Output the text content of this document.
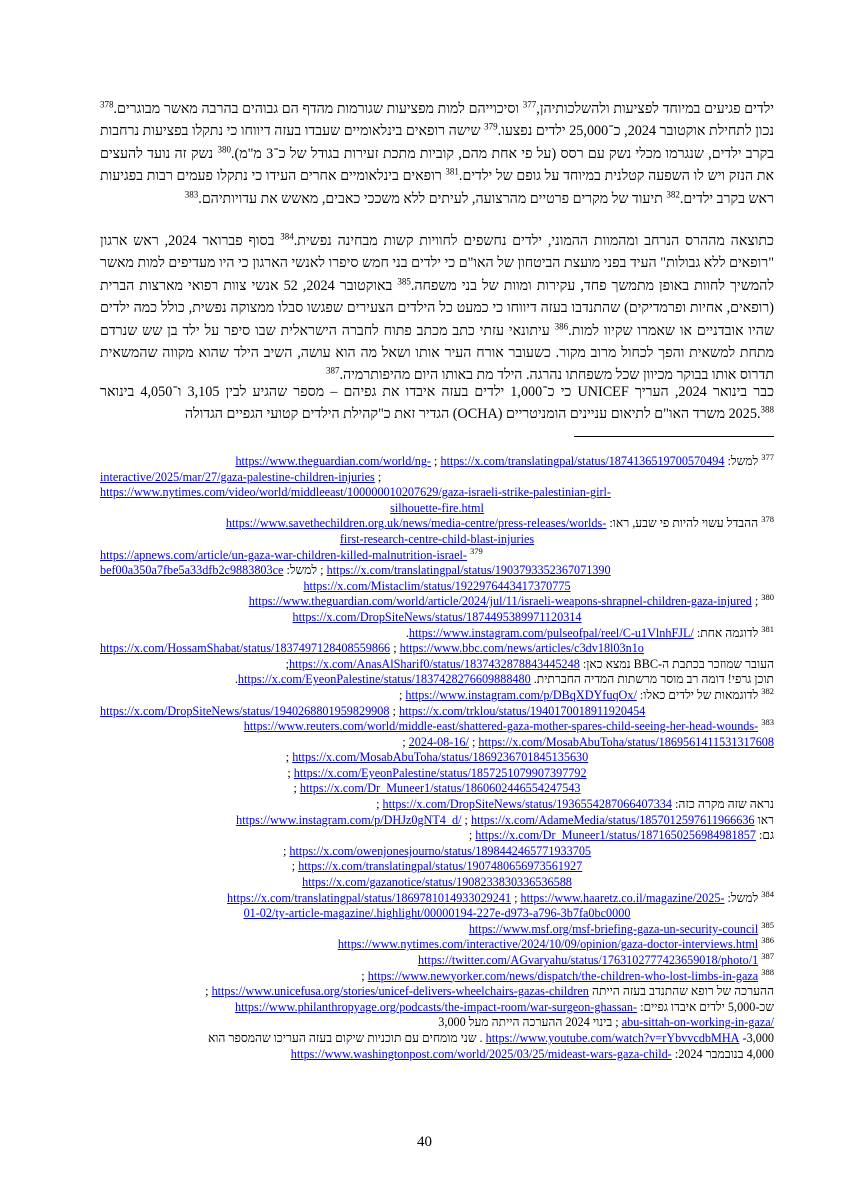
ילדים פגיעים במיוחד לפציעות ולהשלכותיהן,$^{377}$ וסיכוייהם למות מפציעות שגורמות מהדף הם גבוהים בהרבה מאשר מבוגרים.$^{378}$ נכון לתחילת אוקטובר 2024, כ־25,000 ילדים נפצעו.$^{379}$ שישה רופאים בינלאומיים שעבדו בעזה דיווחו כי נתקלו בפציעות נרחבות בקרב ילדים, שנגרמו מכלי נשק עם רסס (על פי אחת מהם, קוביות מתכת זעירות בגודל של כ־3 מ"מ).$^{380}$ נשק זה נועד להעצים את הנזק ויש לו השפעה קטלנית במיוחד על גופם של ילדים.$^{381}$ רופאים בינלאומיים אחרים העידו כי נתקלו פעמים רבות בפגיעות ראש בקרב ילדים.$^{382}$ תיעוד של מקרים פרטיים מהרצועה, לעיתים ללא משככי כאבים, מאשש את עדויותיהם.$^{383}$

כתוצאה מההרס הנרחב ומהמוות ההמוני, ילדים נחשפים לחוויות קשות מבחינה נפשית.$^{384}$ בסוף פברואר 2024, ראש ארגון "רופאים ללא גבולות" העיד בפני מועצת הביטחון של האו"ם כי ילדים בני חמש סיפרו לאנשי הארגון כי היו מעדיפים למות מאשר להמשיך לחוות באופן מתמשך פחד, עקירות ומוות של בני משפחה.$^{385}$ באוקטובר 2024, 52 אנשי צוות רפואי מארצות הברית (רופאים, אחיות ופרמדיקים) שהתנדבו בעזה דיווחו כי כמעט כל הילדים הצעירים שפגשו סבלו ממצוקה נפשית, כולל כמה ילדים שהיו אובדניים או שאמרו שקיוו למות.$^{386}$ עיתונאי עזתי כתב מכתב פתוח לחברה הישראלית שבו סיפר על ילד בן שש שנרדם מתחת למשאית והפך לכחול מרוב מקור. כשעובר אורח העיר אותו ושאל מה הוא עושה, השיב הילד שהוא מקווה שהמשאית תדרוס אותו בבוקר מכיוון שכל משפחתו נהרגה. הילד מת באותו היום מהיפותרמיה.$^{387}$

כבר בינואר 2024, העריך UNICEF כי כ־1,000 ילדים בעזה איבדו את גפיהם – מספר שהגיע לבין 3,105 ו־4,050 בינואר 2025.$^{388}$ משרד האו"ם לתיאום עניינים הומניטריים (OCHA) הגדיר זאת כ"קהילת הילדים קטועי הגפיים הגדולה

$^{377}$ למשל: https://x.com/translatingpal/status/1874136519700570494 ; https://www.theguardian.com/world/ng-
; interactive/2025/mar/27/gaza-palestine-children-injuries
https://www.nytimes.com/video/world/middleeast/100000010207629/gaza-israeli-strike-palestinian-girl-
silhouette-fire.html
$^{378}$ ההבדל עשוי להיות פי שבע, ראו: https://www.savethechildren.org.uk/news/media-centre/press-releases/worlds-
first-research-centre-child-blast-injuries
$^{379}$ https://apnews.com/article/un-gaza-war-children-killed-malnutrition-israel-
https://x.com/translatingpal/status/1903793352367071390 ; למשל: bef00a350a7fbe5a33dfb2c9883803ce
https://x.com/Mistaclim/status/1922976443417370775
$^{380}$ ; https://www.theguardian.com/world/article/2024/jul/11/israeli-weapons-shrapnel-children-gaza-injured
https://x.com/DropSiteNews/status/1874495389971120314
$^{381}$ לדוגמה אחת: https://www.instagram.com/pulseofpal/reel/C-u1VlnhFJL/.
https://www.bbc.com/news/articles/c3dv18l03n1o ; https://x.com/HossamShabat/status/1837497128408559866
העובר שמוזכר בכתבת ה-BBC נמצא כאן: https://x.com/AnasAlSharif0/status/1837432878843445248;
תוכן גרפי! דומה רב מוסר מרשתות המדיה החברתית. https://x.com/EyeonPalestine/status/1837428276609888480.
$^{382}$ לדוגמאות של ילדים כאלו: https://www.instagram.com/p/DBqXDYfuqOx/ ;
https://x.com/trklou/status/1940170018911920454 ; https://x.com/DropSiteNews/status/1940268801959829908
$^{383}$ https://www.reuters.com/world/middle-east/shattered-gaza-mother-spares-child-seeing-her-head-wounds-
https://x.com/MosabAbuToha/status/1869561411531317608 ; 2024-08-16/ ;
https://x.com/MosabAbuToha/status/1869236701845135630 ;
https://x.com/EyeonPalestine/status/1857251079907397792 ;
https://x.com/Dr_Muneer1/status/1860602446554247543 ;
נראה שזה מקרה כזה: https://x.com/DropSiteNews/status/1936554287066407334 ;
ראו https://x.com/AdameMedia/status/1857012597611966636 ; https://www.instagram.com/p/DHJz0gNT4_d/
גם: https://x.com/Dr_Muneer1/status/1871650256984981857 ;
https://x.com/owenjonesjourno/status/1898442465771933705 ;
https://x.com/translatingpal/status/1907480656973561927 ;
https://x.com/gazanotice/status/1908233830336536588
$^{384}$ למשל: https://www.haaretz.co.il/magazine/2025- ; https://x.com/translatingpal/status/1869781014933029241
01-02/ty-article-magazine/.highlight/00000194-227e-d973-a796-3b7fa0bc0000
$^{385}$ https://www.msf.org/msf-briefing-gaza-un-security-council
$^{386}$ https://www.nytimes.com/interactive/2024/10/09/opinion/gaza-doctor-interviews.html
$^{387}$ https://twitter.com/AGvaryahu/status/1763102777423659018/photo/1
$^{388}$ https://www.newyorker.com/news/dispatch/the-children-who-lost-limbs-in-gaza ;
ההערכה של רופא שהתנדב בעזה הייתה https://www.unicefusa.org/stories/unicef-delivers-wheelchairs-gazas-children ;
שכ-5,000 ילדים איבדו גפיים: https://www.philanthropyage.org/podcasts/the-impact-room/war-surgeon-ghassan-
abu-sittah-on-working-in-gaza/ ; בינוי 2024 ההערכה הייתה מעל 3,000
3,000- https://www.youtube.com/watch?v=rYbvvcdbMHA . שני מומחים עם תוכניות שיקום בעזה העריכו שהמספר הוא
4,000 בנובמבר 2024: https://www.washingtonpost.com/world/2025/03/25/mideast-wars-gaza-child-
40
